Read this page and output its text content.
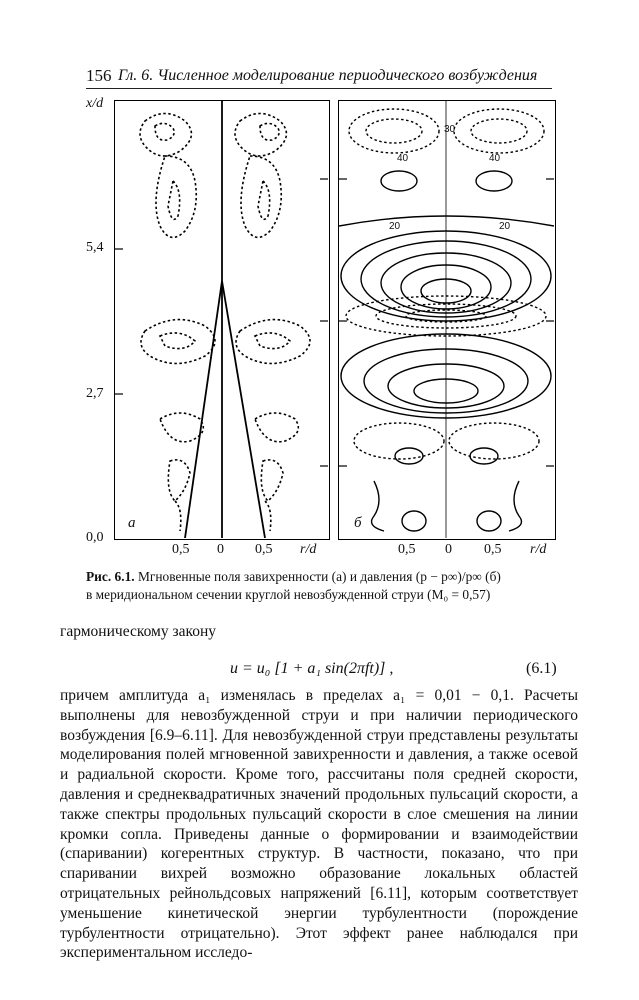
156 Гл. 6. Численное моделирование периодического возбуждения
x/d
5,4
2,7
0,0
а
30
40	40
20	20
б
0,5 0 0,5 r/d	0,5 0 0,5 r/d
Рис. 6.1. Мгновенные поля завихренности (а) и давления (p − p∞)/p∞ (б)
в меридиональном сечении круглой невозбужденной струи (M₀ = 0,57)
гармоническому закону
u = u₀ [1 + a₁ sin(2πft)] ,	(6.1)
причем амплитуда a₁ изменялась в пределах a₁ = 0,01 − 0,1. Расчеты выполнены для невозбужденной струи и при наличии периодического возбуждения [6.9–6.11]. Для невозбужденной струи представлены результаты моделирования полей мгновенной завихренности и давления, а также осевой и радиальной скорости. Кроме того, рассчитаны поля средней скорости, давления и среднеквадратичных значений продольных пульсаций скорости, а также спектры продольных пульсаций скорости в слое смешения на линии кромки сопла. Приведены данные о формировании и взаимодействии (спаривании) когерентных структур. В частности, показано, что при спаривании вихрей возможно образование локальных областей отрицательных рейнольдсовых напряжений [6.11], которым соответствует уменьшение кинетической энергии турбулентности (порождение турбулентности отрицательно). Этот эффект ранее наблюдался при экспериментальном исследо-
